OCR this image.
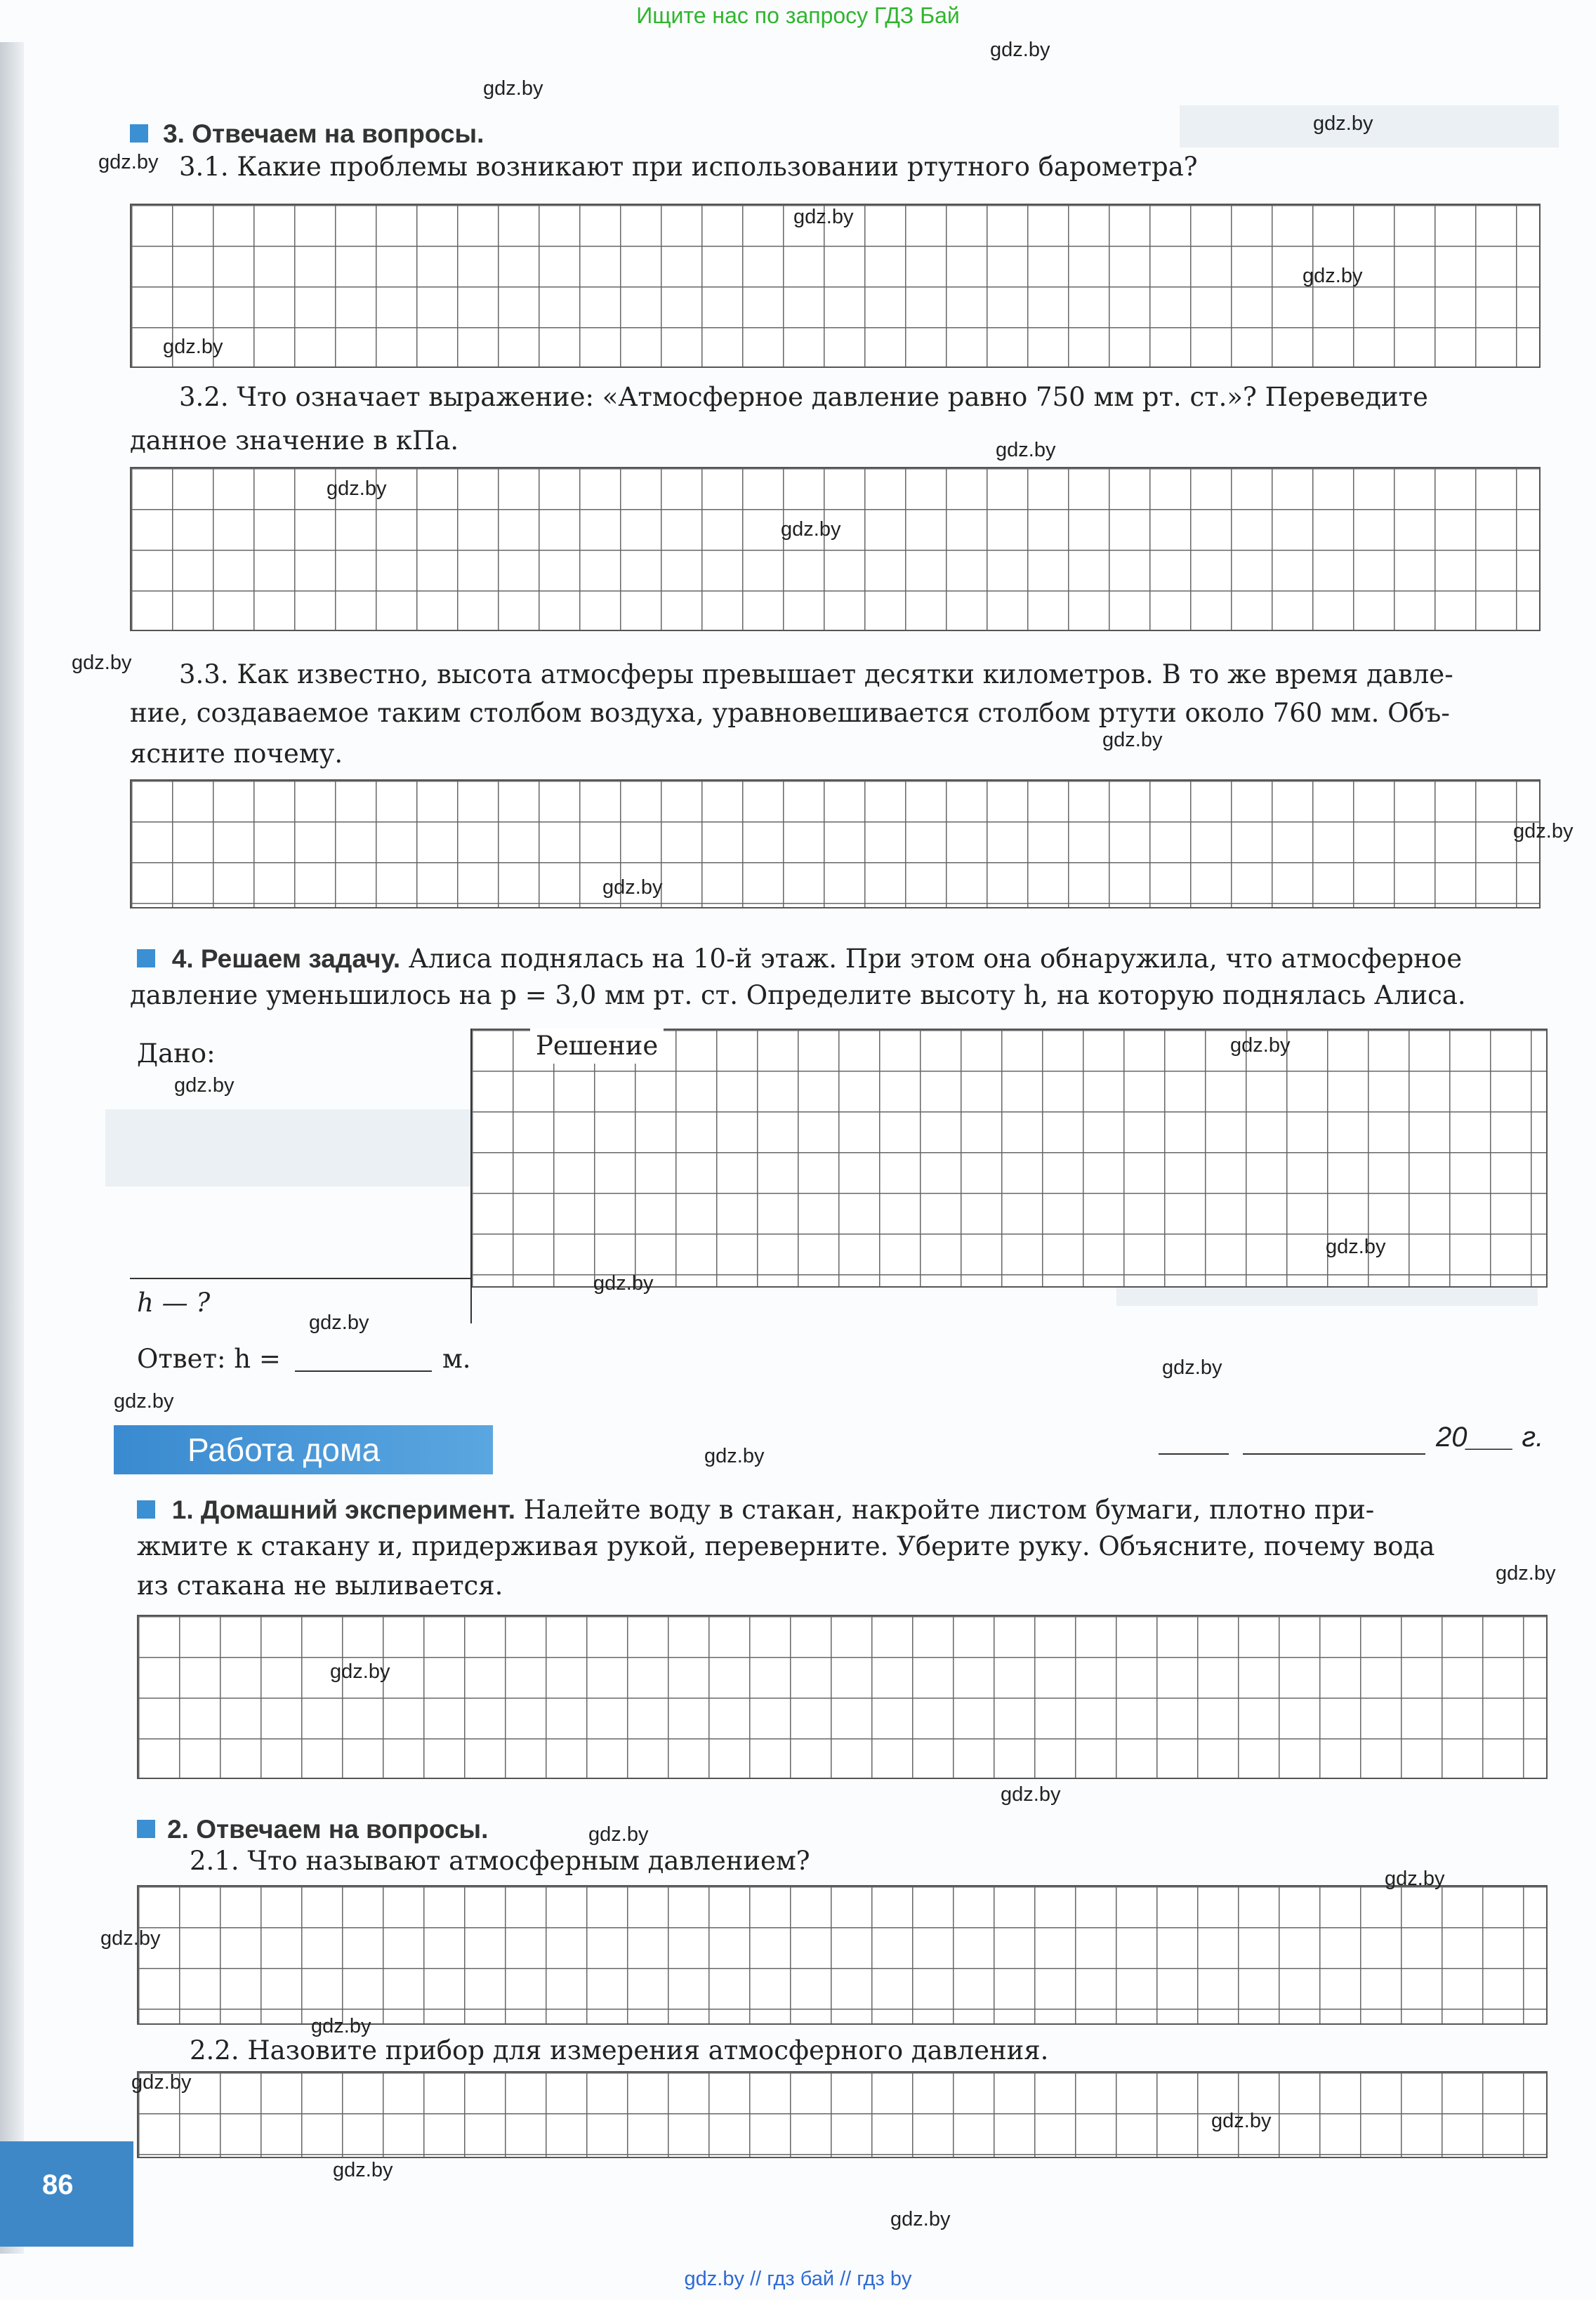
Ищите нас по запросу ГДЗ Бай
3. Отвечаем на вопросы.
3.1. Какие проблемы возникают при использовании ртутного барометра?
3.2. Что означает выражение: «Атмосферное давление равно 750 мм рт. ст.»? Переведите
данное значение в кПа.
3.3. Как известно, высота атмосферы превышает десятки километров. В то же время давле-
ние, создаваемое таким столбом воздуха, уравновешивается столбом ртути около 760 мм. Объ-
ясните почему.
4. Решаем задачу. Алиса поднялась на 10-й этаж. При этом она обнаружила, что атмосферное
давление уменьшилось на p = 3,0 мм рт. ст. Определите высоту h, на которую поднялась Алиса.
Дано:	Решение
h — ?
Ответ: h =	м.
Работа дома	20___ г.
1. Домашний эксперимент. Налейте воду в стакан, накройте листом бумаги, плотно при-
жмите к стакану и, придерживая рукой, переверните. Уберите руку. Объясните, почему вода
из стакана не выливается.
2. Отвечаем на вопросы.
2.1. Что называют атмосферным давлением?
2.2. Назовите прибор для измерения атмосферного давления.
86
gdz.by
gdz.by
gdz.by
gdz.by
gdz.by
gdz.by
gdz.by
gdz.by
gdz.by
gdz.by
gdz.by
gdz.by
gdz.by
gdz.by
gdz.by
gdz.by
gdz.by
gdz.by
gdz.by
gdz.by
gdz.by
gdz.by
gdz.by
gdz.by
gdz.by
gdz.by
gdz.by
gdz.by
gdz.by
gdz.by
gdz.by
gdz.by
gdz.by
gdz.by // гдз бай // гдз by
